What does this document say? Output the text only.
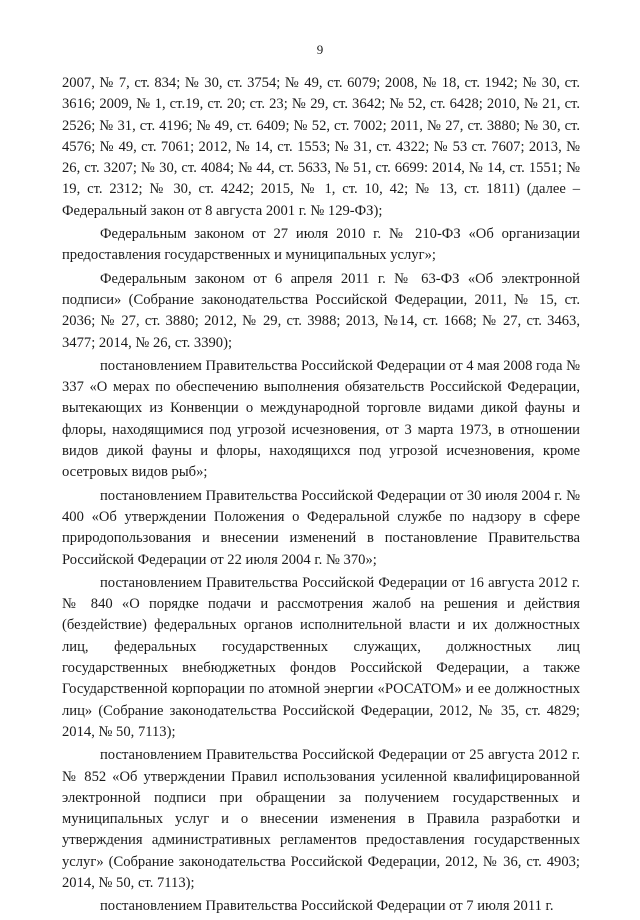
9

2007, № 7, ст. 834; № 30, ст. 3754; № 49, ст. 6079; 2008, № 18, ст. 1942; № 30, ст. 3616; 2009, № 1, ст.19, ст. 20; ст. 23; № 29, ст. 3642; № 52, ст. 6428; 2010, № 21, ст. 2526; № 31, ст. 4196; № 49, ст. 6409; № 52, ст. 7002; 2011, № 27, ст. 3880; № 30, ст. 4576; № 49, ст. 7061; 2012, № 14, ст. 1553; № 31, ст. 4322; № 53 ст. 7607; 2013, № 26, ст. 3207; № 30, ст. 4084; № 44, ст. 5633, № 51, ст. 6699: 2014, № 14, ст. 1551; № 19, ст. 2312; № 30, ст. 4242; 2015, № 1, ст. 10, 42; № 13, ст. 1811) (далее – Федеральный закон от 8 августа 2001 г. № 129-ФЗ);

Федеральным законом от 27 июля 2010 г. № 210-ФЗ «Об организации предоставления государственных и муниципальных услуг»;

Федеральным законом от 6 апреля 2011 г. № 63-ФЗ «Об электронной подписи» (Собрание законодательства Российской Федерации, 2011, № 15, ст. 2036; № 27, ст. 3880; 2012, № 29, ст. 3988; 2013, №14, ст. 1668; № 27, ст. 3463, 3477; 2014, № 26, ст. 3390);

постановлением Правительства Российской Федерации от 4 мая 2008 года № 337 «О мерах по обеспечению выполнения обязательств Российской Федерации, вытекающих из Конвенции о международной торговле видами дикой фауны и флоры, находящимися под угрозой исчезновения, от 3 марта 1973, в отношении видов дикой фауны и флоры, находящихся под угрозой исчезновения, кроме осетровых видов рыб»;

постановлением Правительства Российской Федерации от 30 июля 2004 г. № 400 «Об утверждении Положения о Федеральной службе по надзору в сфере природопользования и внесении изменений в постановление Правительства Российской Федерации от 22 июля 2004 г. № 370»;

постановлением Правительства Российской Федерации от 16 августа 2012 г. № 840 «О порядке подачи и рассмотрения жалоб на решения и действия (бездействие) федеральных органов исполнительной власти и их должностных лиц, федеральных государственных служащих, должностных лиц государственных внебюджетных фондов Российской Федерации, а также Государственной корпорации по атомной энергии «РОСАТОМ» и ее должностных лиц» (Собрание законодательства Российской Федерации, 2012, № 35, ст. 4829; 2014, № 50, 7113);

постановлением Правительства Российской Федерации от 25 августа 2012 г. № 852 «Об утверждении Правил использования усиленной квалифицированной электронной подписи при обращении за получением государственных и муниципальных услуг и о внесении изменения в Правила разработки и утверждения административных регламентов предоставления государственных услуг» (Собрание законодательства Российской Федерации, 2012, № 36, ст. 4903; 2014, № 50, ст. 7113);

постановлением Правительства Российской Федерации от 7 июля 2011 г.
